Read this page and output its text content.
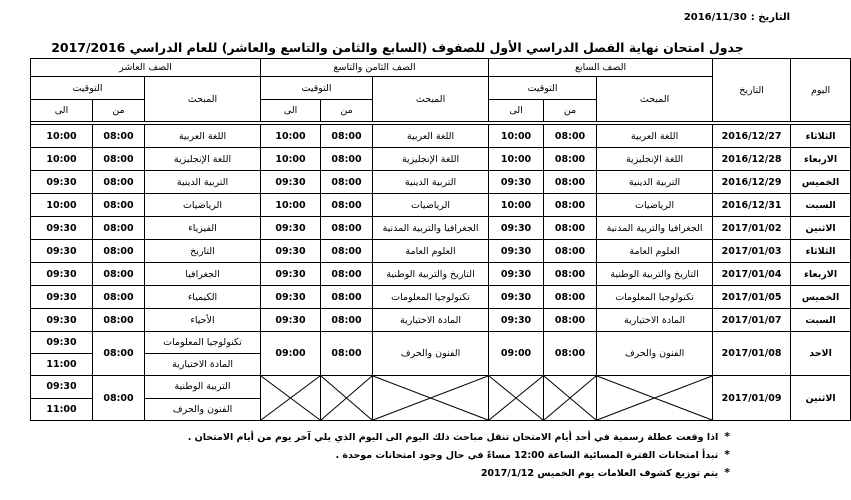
التاريخ :2016/11/30
جدول امتحان نهاية الفصل الدراسي الأول للصفوف (السابع والثامن والتاسع والعاشر) للعام الدراسي 2017/2016
الصف العاشر			الصف الثامن والتاسع			الصف السابع			التاريخ	اليوم
التوقيت		المبحث	التوقيت		المبحث	التوقيت		المبحث		
الى	من		الى	من		الى	من			

10:00	08:00	اللغة العربية	10:00	08:00	اللغة العربية	10:00	08:00	اللغة العربية	2016/12/27	الثلاثاء
10:00	08:00	اللغة الإنجليزية	10:00	08:00	اللغة الإنجليزية	10:00	08:00	اللغة الإنجليزية	2016/12/28	الاربعاء
09:30	08:00	التربية الدينية	09:30	08:00	التربية الدينية	09:30	08:00	التربية الدينية	2016/12/29	الخميس
10:00	08:00	الرياضيات	10:00	08:00	الرياضيات	10:00	08:00	الرياضيات	2016/12/31	السبت
09:30	08:00	الفيزياء	09:30	08:00	الجغرافيا والتربية المدنية	09:30	08:00	الجغرافيا والتربية المدنية	2017/01/02	الاثنين
09:30	08:00	التاريخ	09:30	08:00	العلوم العامة	09:30	08:00	العلوم العامة	2017/01/03	الثلاثاء
09:30	08:00	الجغرافيا	09:30	08:00	التاريخ والتربية الوطنية	09:30	08:00	التاريخ والتربية الوطنية	2017/01/04	الاربعاء
09:30	08:00	الكيمياء	09:30	08:00	تكنولوجيا المعلومات	09:30	08:00	تكنولوجيا المعلومات	2017/01/05	الخميس
09:30	08:00	الأحياء	09:30	08:00	المادة الاختيارية	09:30	08:00	المادة الاختيارية	2017/01/07	السبت
09:30	08:00	تكنولوجيا المعلومات	09:00	08:00	الفنون والحرف	09:00	08:00	الفنون والحرف	2017/01/08	الاحد
11:00		المادة الاختيارية								
09:30	08:00	التربية الوطنية							2017/01/09	الاثنين
11:00		الفنون والحرف								
*اذا وقعت عطلة رسمية في أحد أيام الامتحان تنقل مباحث ذلك اليوم الى اليوم الذي يلي آخر يوم من أيام الامتحان .
*تبدأ امتحانات الفترة المسائية الساعة 12:00 مساءً في حال وجود امتحانات موحدة .
*يتم توزيع كشوف العلامات يوم الخميس 2017/1/12
